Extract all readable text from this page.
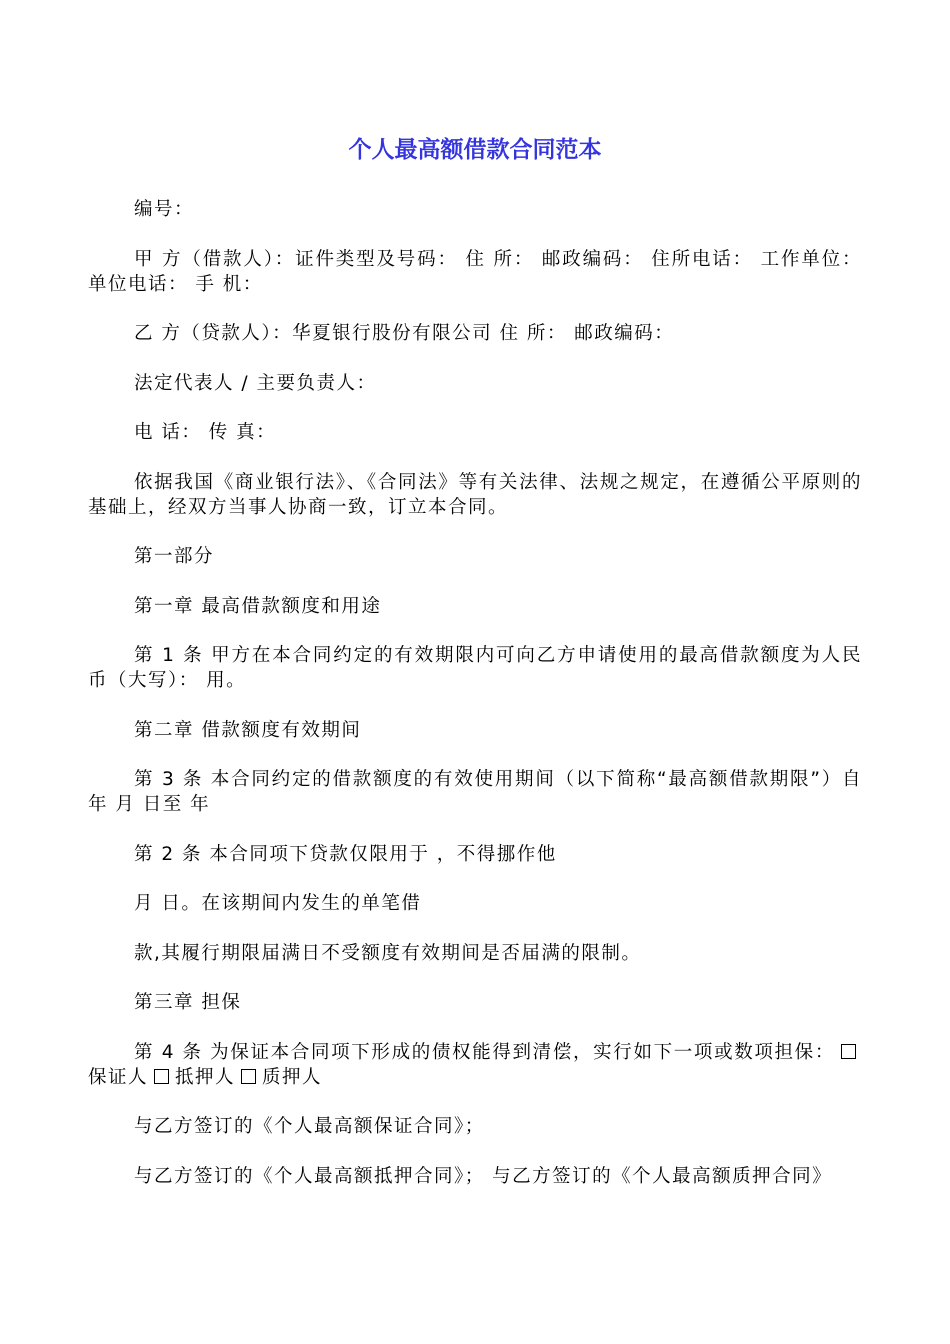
个人最高额借款合同范本

编号：

甲 方（借款人）：证件类型及号码： 住 所： 邮政编码： 住所电话： 工作单位： 单位电话： 手 机：

乙 方（贷款人）：华夏银行股份有限公司 住 所： 邮政编码：

法定代表人 / 主要负责人：

电 话： 传 真：

依据我国《商业银行法》、《合同法》等有关法律、法规之规定，在遵循公平原则的基础上，经双方当事人协商一致，订立本合同。

第一部分

第一章 最高借款额度和用途

第 1 条 甲方在本合同约定的有效期限内可向乙方申请使用的最高借款额度为人民币（大写）： 用。

第二章 借款额度有效期间

第 3 条 本合同约定的借款额度的有效使用期间（以下简称“最高额借款期限”）自 年 月 日至 年

第 2 条 本合同项下贷款仅限用于 ，不得挪作他

月 日。在该期间内发生的单笔借

款,其履行期限届满日不受额度有效期间是否届满的限制。

第三章 担保

第 4 条 为保证本合同项下形成的债权能得到清偿，实行如下一项或数项担保：保证人 抵押人 质押人

与乙方签订的《个人最高额保证合同》；

与乙方签订的《个人最高额抵押合同》； 与乙方签订的《个人最高额质押合同》
